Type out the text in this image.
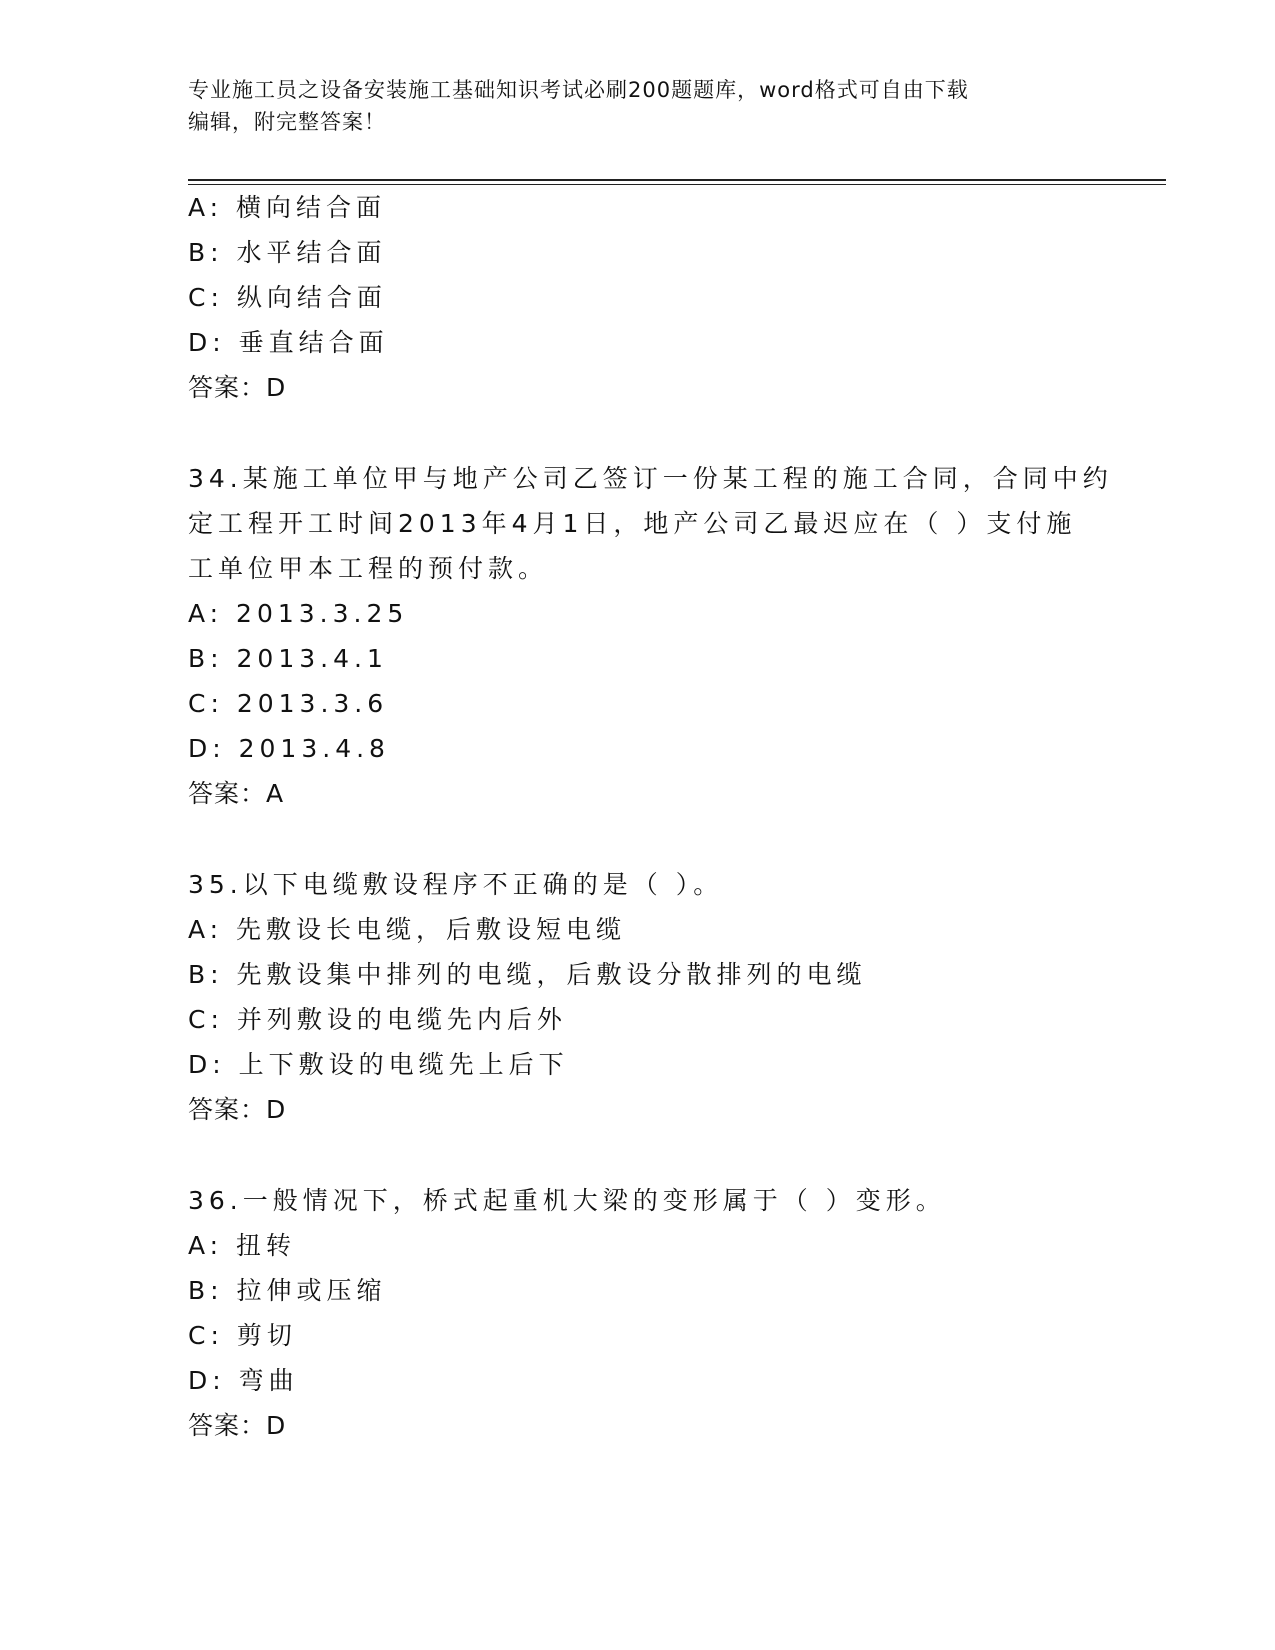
专业施工员之设备安装施工基础知识考试必刷200题题库，word格式可自由下载
编辑，附完整答案！
A: 横向结合面
B: 水平结合面
C: 纵向结合面
D: 垂直结合面
答案：D
34.某施工单位甲与地产公司乙签订一份某工程的施工合同，合同中约
定工程开工时间2013年4月1日，地产公司乙最迟应在（ ）支付施
工单位甲本工程的预付款。
A: 2013.3.25
B: 2013.4.1
C: 2013.3.6
D: 2013.4.8
答案：A
35.以下电缆敷设程序不正确的是（ ）。
A: 先敷设长电缆，后敷设短电缆
B: 先敷设集中排列的电缆，后敷设分散排列的电缆
C: 并列敷设的电缆先内后外
D: 上下敷设的电缆先上后下
答案：D
36.一般情况下，桥式起重机大梁的变形属于（ ）变形。
A: 扭转
B: 拉伸或压缩
C: 剪切
D: 弯曲
答案：D
